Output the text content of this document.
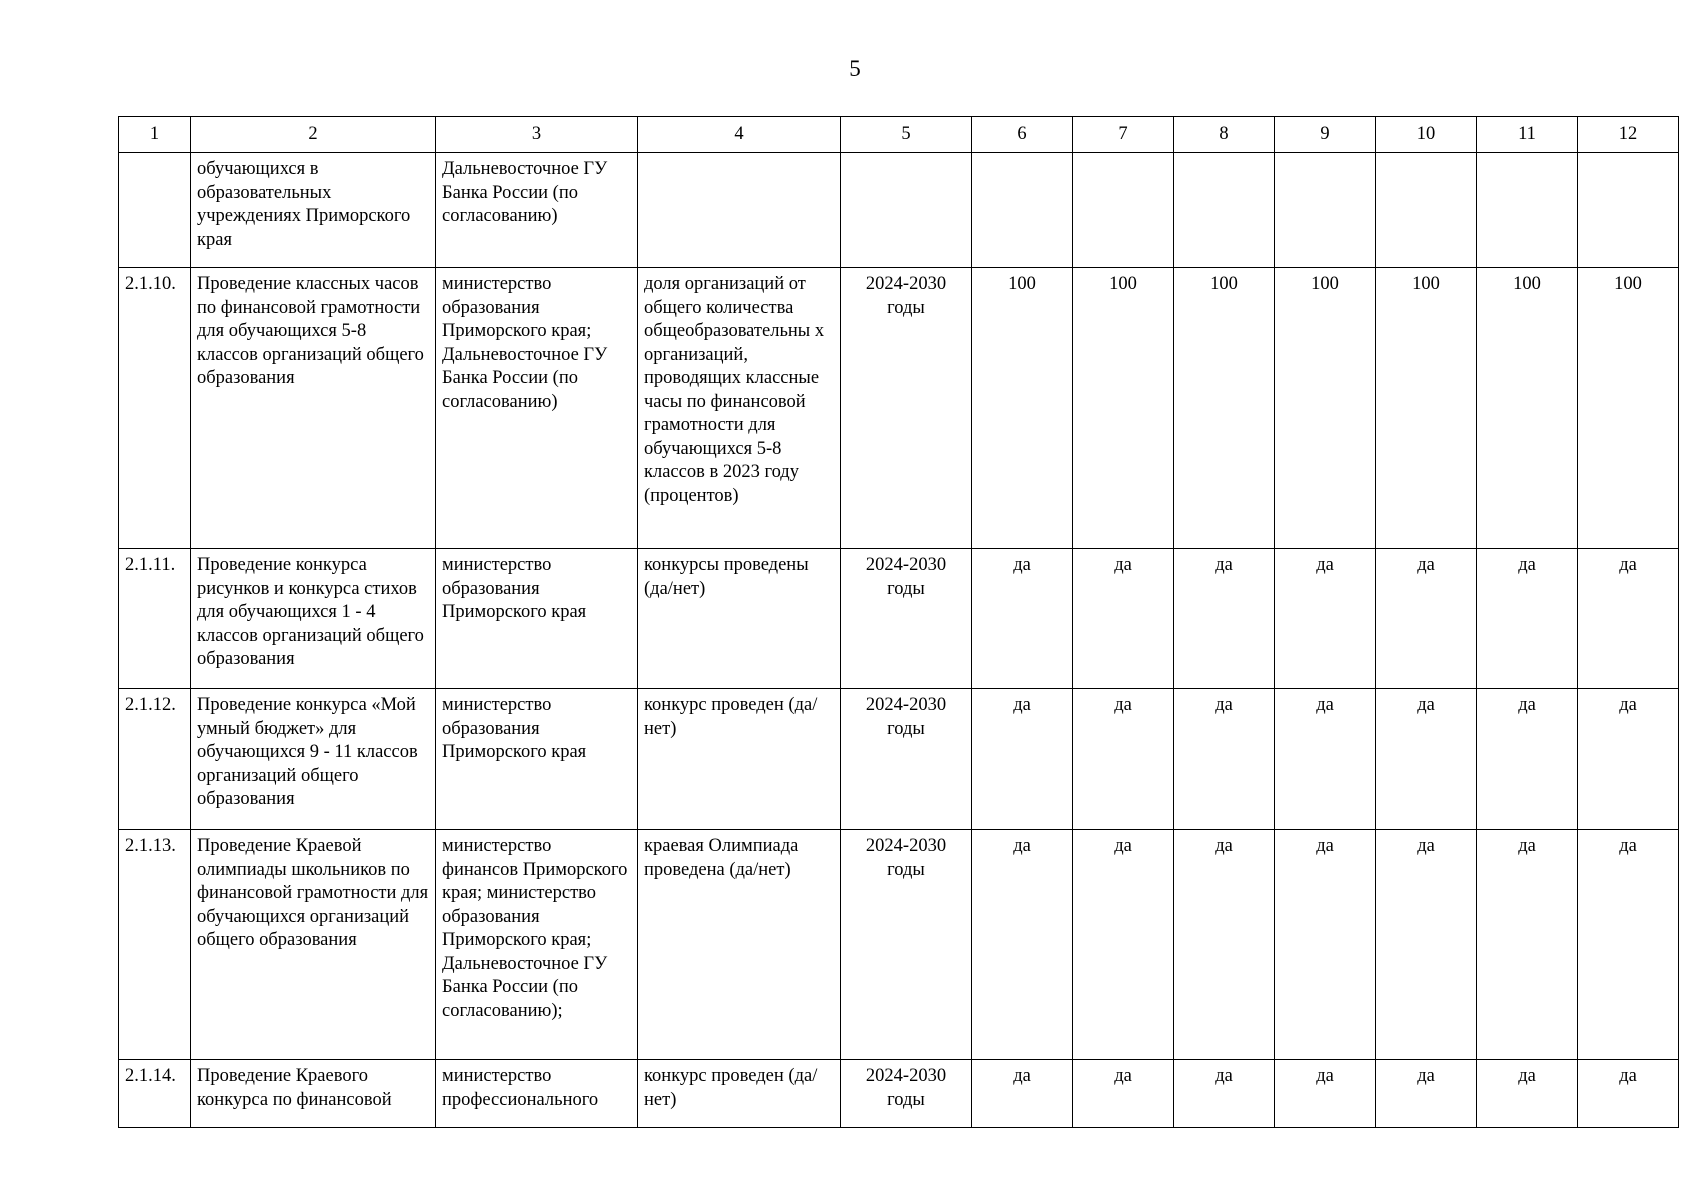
5
1	2	3	4	5	6	7	8	9	10	11	12
	обучающихся в образовательных учреждениях Приморского края	Дальневосточное ГУ Банка России (по согласованию)									
2.1.10.	Проведение классных часов по финансовой грамотности для обучающихся 5-8 классов организаций общего образования	министерство образования Приморского края; Дальневосточное ГУ Банка России (по согласованию)	доля организаций от общего количества общеобразовательны х организаций, проводящих классные часы по финансовой грамотности для обучающихся 5-8 классов в 2023 году (процентов)	2024-2030 годы	100	100	100	100	100	100	100
2.1.11.	Проведение конкурса рисунков и конкурса стихов для обучающихся 1 - 4 классов организаций общего образования	министерство образования Приморского края	конкурсы проведены (да/нет)	2024-2030 годы	да	да	да	да	да	да	да
2.1.12.	Проведение конкурса «Мой умный бюджет» для обучающихся 9 - 11 классов организаций общего образования	министерство образования Приморского края	конкурс проведен (да/нет)	2024-2030 годы	да	да	да	да	да	да	да
2.1.13.	Проведение Краевой олимпиады школьников по финансовой грамотности для обучающихся организаций общего образования	министерство финансов Приморского края; министерство образования Приморского края; Дальневосточное ГУ Банка России (по согласованию);	краевая Олимпиада проведена (да/нет)	2024-2030 годы	да	да	да	да	да	да	да
2.1.14.	Проведение Краевого конкурса по финансовой	министерство профессионального	конкурс проведен (да/нет)	2024-2030 годы	да	да	да	да	да	да	да
